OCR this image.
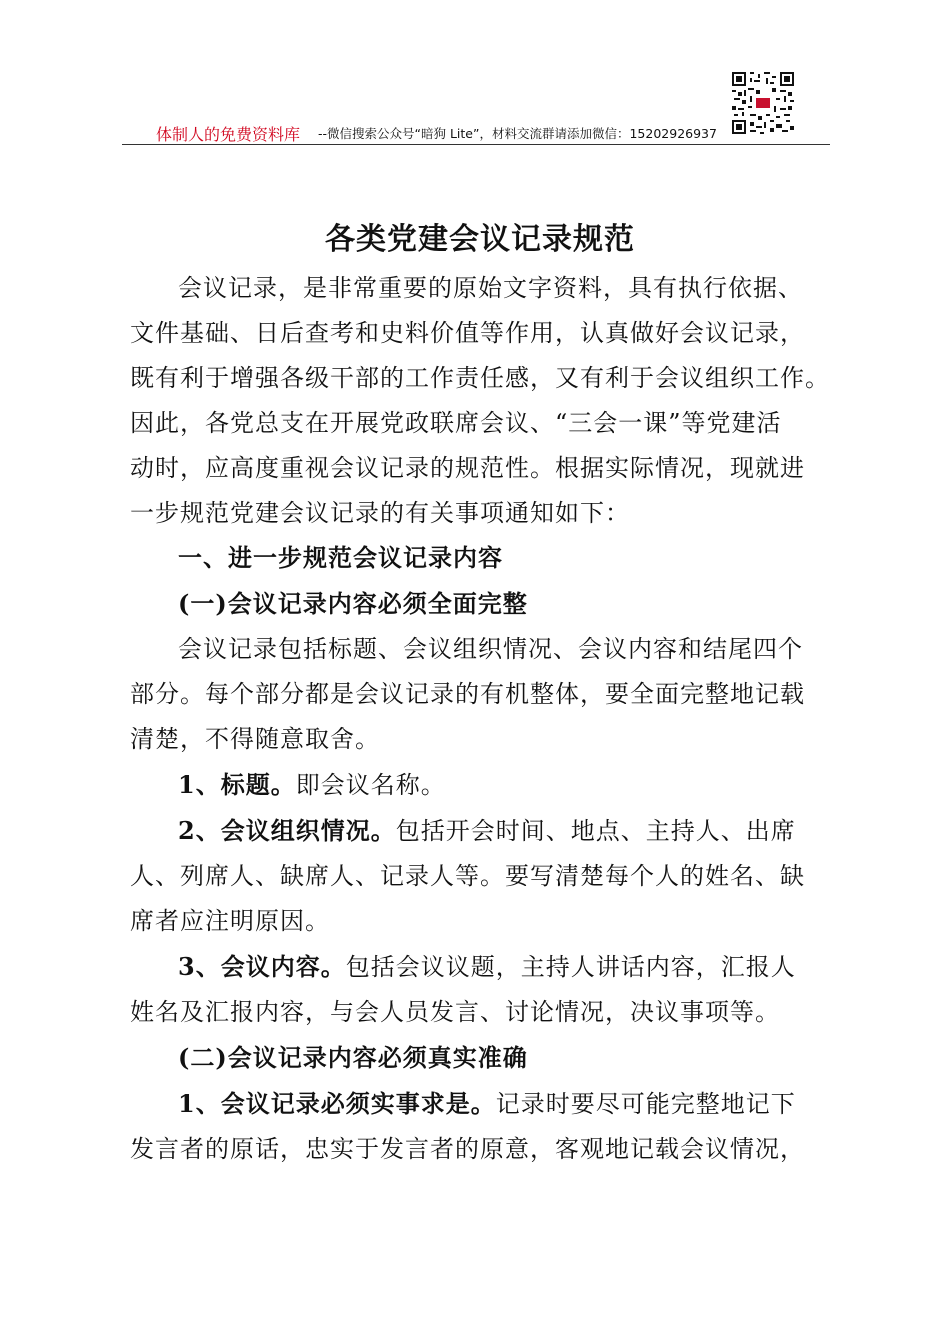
体制人的免费资料库 --微信搜索公众号“暗狗 Lite”，材料交流群请添加微信：15202926937
各类党建会议记录规范

会议记录，是非常重要的原始文字资料，具有执行依据、

文件基础、日后查考和史料价值等作用，认真做好会议记录，

既有利于增强各级干部的工作责任感，又有利于会议组织工作。

因此，各党总支在开展党政联席会议、“三会一课”等党建活

动时，应高度重视会议记录的规范性。根据实际情况，现就进

一步规范党建会议记录的有关事项通知如下：

一、进一步规范会议记录内容

(一)会议记录内容必须全面完整

会议记录包括标题、会议组织情况、会议内容和结尾四个

部分。每个部分都是会议记录的有机整体，要全面完整地记载

清楚，不得随意取舍。

1、标题。即会议名称。

2、会议组织情况。包括开会时间、地点、主持人、出席

人、列席人、缺席人、记录人等。要写清楚每个人的姓名、缺

席者应注明原因。

3、会议内容。包括会议议题，主持人讲话内容，汇报人

姓名及汇报内容，与会人员发言、讨论情况，决议事项等。

(二)会议记录内容必须真实准确

1、会议记录必须实事求是。记录时要尽可能完整地记下

发言者的原话，忠实于发言者的原意，客观地记载会议情况，
